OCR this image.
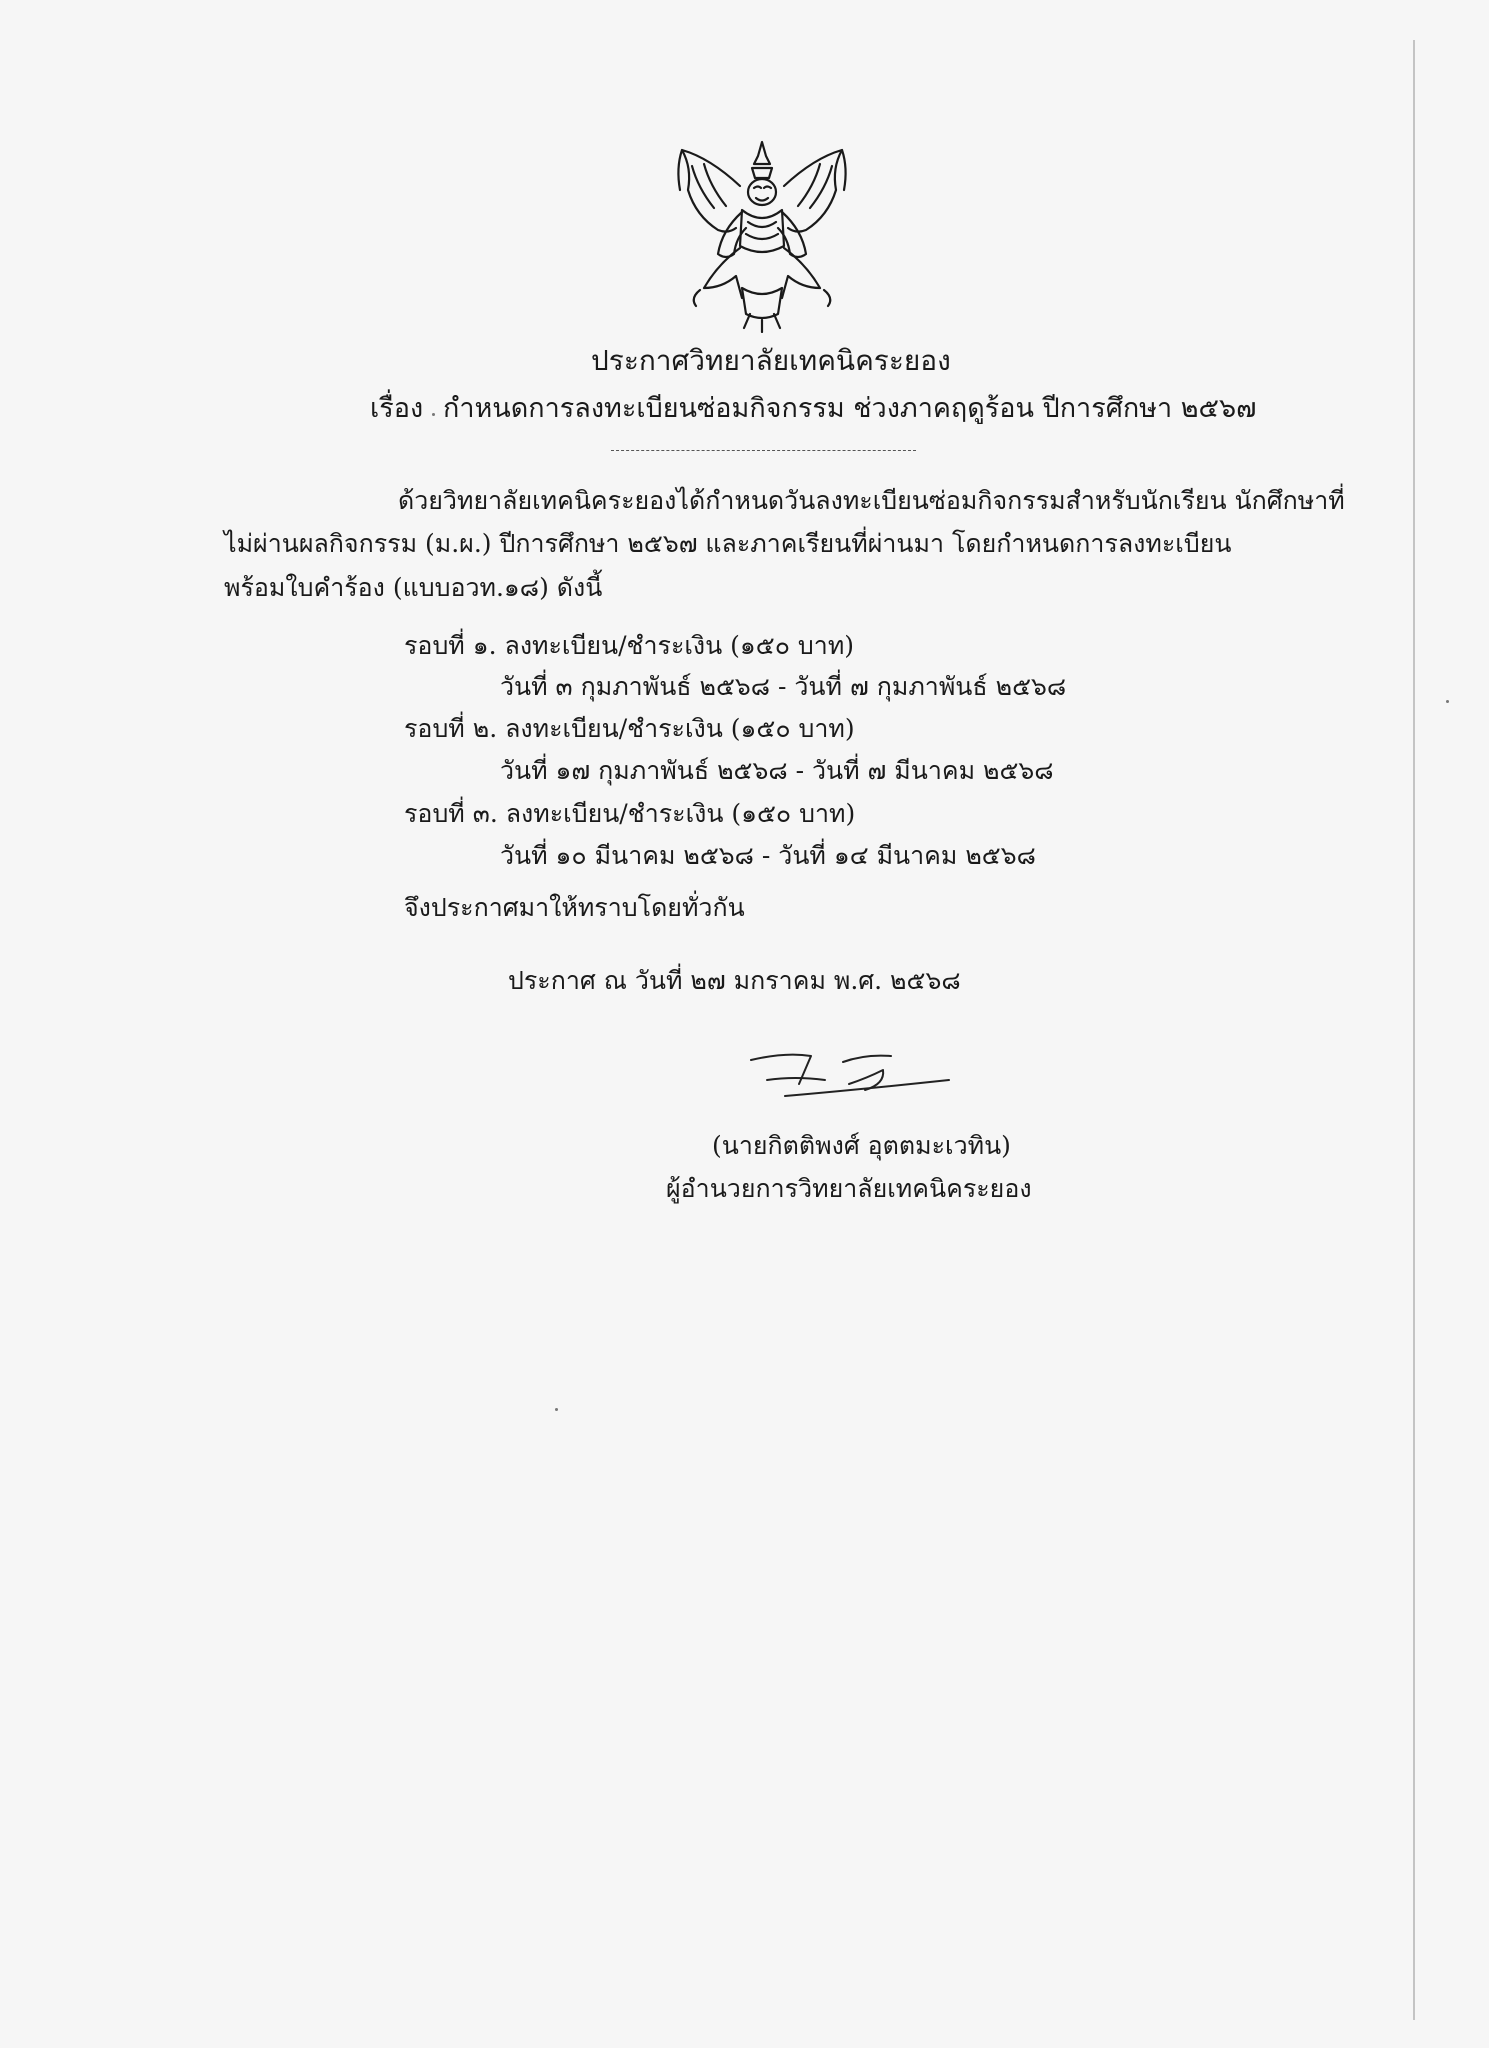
ประกาศวิทยาลัยเทคนิคระยอง
เรื่อง กำหนดการลงทะเบียนซ่อมกิจกรรม ช่วงภาคฤดูร้อน ปีการศึกษา ๒๕๖๗
ด้วยวิทยาลัยเทคนิคระยองได้กำหนดวันลงทะเบียนซ่อมกิจกรรมสำหรับนักเรียน นักศึกษาที่
ไม่ผ่านผลกิจกรรม (ม.ผ.) ปีการศึกษา ๒๕๖๗ และภาคเรียนที่ผ่านมา โดยกำหนดการลงทะเบียน
พร้อมใบคำร้อง (แบบอวท.๑๘) ดังนี้
รอบที่ ๑. ลงทะเบียน/ชำระเงิน (๑๕๐ บาท)
วันที่ ๓ กุมภาพันธ์ ๒๕๖๘ - วันที่ ๗ กุมภาพันธ์ ๒๕๖๘
รอบที่ ๒. ลงทะเบียน/ชำระเงิน (๑๕๐ บาท)
วันที่ ๑๗ กุมภาพันธ์ ๒๕๖๘ - วันที่ ๗ มีนาคม ๒๕๖๘
รอบที่ ๓. ลงทะเบียน/ชำระเงิน (๑๕๐ บาท)
วันที่ ๑๐ มีนาคม ๒๕๖๘ - วันที่ ๑๔ มีนาคม ๒๕๖๘
จึงประกาศมาให้ทราบโดยทั่วกัน
ประกาศ ณ วันที่ ๒๗ มกราคม พ.ศ. ๒๕๖๘
(นายกิตติพงศ์ อุตตมะเวทิน)
ผู้อำนวยการวิทยาลัยเทคนิคระยอง
